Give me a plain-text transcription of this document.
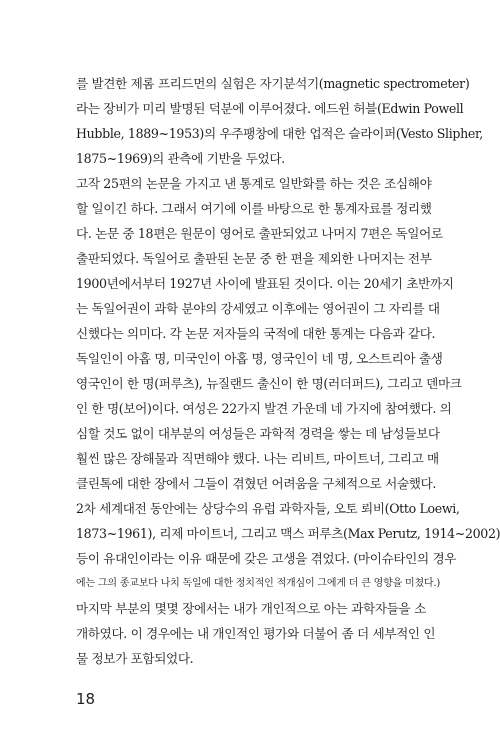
를 발견한 제롬 프리드먼의 실험은 자기분석기(magnetic spectrometer)
라는 장비가 미리 발명된 덕분에 이루어졌다. 에드윈 허블(Edwin Powell
Hubble, 1889~1953)의 우주팽창에 대한 업적은 슬라이퍼(Vesto Slipher,
1875~1969)의 관측에 기반을 두었다.
고작 25편의 논문을 가지고 낸 통계로 일반화를 하는 것은 조심해야
할 일이긴 하다. 그래서 여기에 이를 바탕으로 한 통계자료를 정리했
다. 논문 중 18편은 원문이 영어로 출판되었고 나머지 7편은 독일어로
출판되었다. 독일어로 출판된 논문 중 한 편을 제외한 나머지는 전부
1900년에서부터 1927년 사이에 발표된 것이다. 이는 20세기 초반까지
는 독일어권이 과학 분야의 강세였고 이후에는 영어권이 그 자리를 대
신했다는 의미다. 각 논문 저자들의 국적에 대한 통계는 다음과 같다.
독일인이 아홉 명, 미국인이 아홉 명, 영국인이 네 명, 오스트리아 출생
영국인이 한 명(퍼루츠), 뉴질랜드 출신이 한 명(러더퍼드), 그리고 덴마크
인 한 명(보어)이다. 여성은 22가지 발견 가운데 네 가지에 참여했다. 의
심할 것도 없이 대부분의 여성들은 과학적 경력을 쌓는 데 남성들보다
훨씬 많은 장해물과 직면해야 했다. 나는 리비트, 마이트너, 그리고 매
클린톡에 대한 장에서 그들이 겪혔던 어려움을 구체적으로 서술했다.
2차 세계대전 동안에는 상당수의 유럽 과학자들, 오토 뢰비(Otto Loewi,
1873~1961), 리제 마이트너, 그리고 맥스 퍼루츠(Max Perutz, 1914~2002)
등이 유대인이라는 이유 때문에 갖은 고생을 겪었다. (마이슈타인의 경우
에는 그의 종교보다 나치 독일에 대한 정치적인 적개심이 그에게 더 큰 영향을 미쳤다.)
마지막 부분의 몇몇 장에서는 내가 개인적으로 아는 과학자들을 소
개하였다. 이 경우에는 내 개인적인 평가와 더불어 좀 더 세부적인 인
물 정보가 포함되었다.
18
